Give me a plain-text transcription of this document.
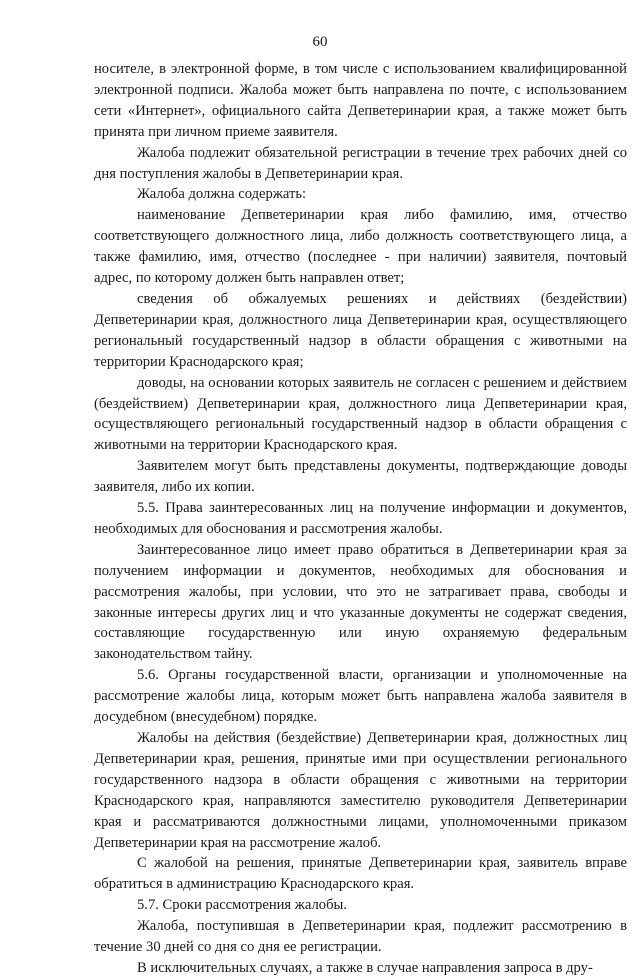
60

носителе, в электронной форме, в том числе с использованием квалифицированной электронной подписи. Жалоба может быть направлена по почте, с использованием сети «Интернет», официального сайта Депветеринарии края, а также может быть принята при личном приеме заявителя.

Жалоба подлежит обязательной регистрации в течение трех рабочих дней со дня поступления жалобы в Депветеринарии края.

Жалоба должна содержать:

наименование Депветеринарии края либо фамилию, имя, отчество соответствующего должностного лица, либо должность соответствующего лица, а также фамилию, имя, отчество (последнее - при наличии) заявителя, почтовый адрес, по которому должен быть направлен ответ;

сведения об обжалуемых решениях и действиях (бездействии) Депветеринарии края, должностного лица Депветеринарии края, осуществляющего региональный государственный надзор в области обращения с животными на территории Краснодарского края;

доводы, на основании которых заявитель не согласен с решением и действием (бездействием) Депветеринарии края, должностного лица Депветеринарии края, осуществляющего региональный государственный надзор в области обращения с животными на территории Краснодарского края.

Заявителем могут быть представлены документы, подтверждающие доводы заявителя, либо их копии.

5.5. Права заинтересованных лиц на получение информации и документов, необходимых для обоснования и рассмотрения жалобы.

Заинтересованное лицо имеет право обратиться в Депветеринарии края за получением информации и документов, необходимых для обоснования и рассмотрения жалобы, при условии, что это не затрагивает права, свободы и законные интересы других лиц и что указанные документы не содержат сведения, составляющие государственную или иную охраняемую федеральным законодательством тайну.

5.6. Органы государственной власти, организации и уполномоченные на рассмотрение жалобы лица, которым может быть направлена жалоба заявителя в досудебном (внесудебном) порядке.

Жалобы на действия (бездействие) Депветеринарии края, должностных лиц Депветеринарии края, решения, принятые ими при осуществлении регионального государственного надзора в области обращения с животными на территории Краснодарского края, направляются заместителю руководителя Депветеринарии края и рассматриваются должностными лицами, уполномоченными приказом Депветеринарии края на рассмотрение жалоб.

С жалобой на решения, принятые Депветеринарии края, заявитель вправе обратиться в администрацию Краснодарского края.

5.7. Сроки рассмотрения жалобы.

Жалоба, поступившая в Депветеринарии края, подлежит рассмотрению в течение 30 дней со дня со дня ее регистрации.

В исключительных случаях, а также в случае направления запроса в дру-
